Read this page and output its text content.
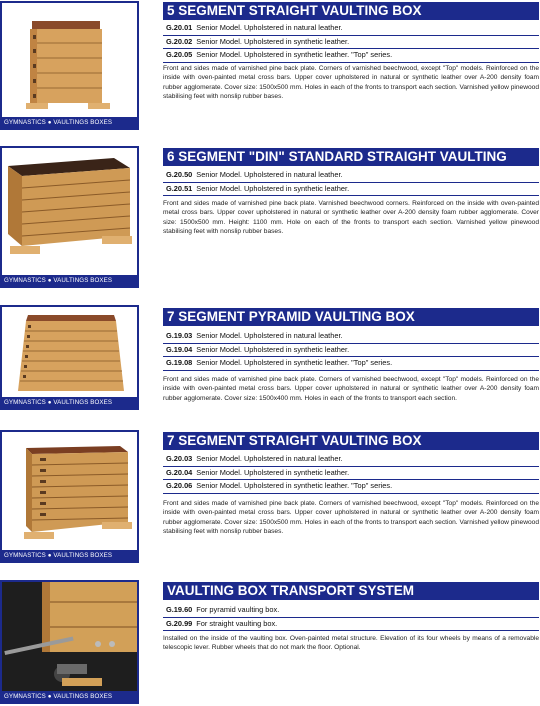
GYMNASTICS ● VAULTINGS BOXES
5 SEGMENT STRAIGHT VAULTING BOX
G.20.01 Senior Model. Upholstered in natural leather.
G.20.02 Senior Model. Upholstered in synthetic leather.
G.20.05 Senior Model. Upholstered in synthetic leather. "Top" series.
Front and sides made of varnished pine back plate. Corners of varnished beechwood, except "Top" models. Reinforced on the inside with oven-painted metal cross bars. Upper cover upholstered in natural or synthetic leather over A-200 density foam rubber agglomerate. Cover size: 1500x500 mm. Holes in each of the fronts to transport each section. Varnished yellow pinewood stabilising feet with nonslip rubber bases.
GYMNASTICS ● VAULTINGS BOXES
6 SEGMENT "DIN" STANDARD STRAIGHT VAULTING
G.20.50 Senior Model. Upholstered in natural leather.
G.20.51 Senior Model. Upholstered in synthetic leather.
Front and sides made of varnished pine back plate. Varnished beechwood corners. Reinforced on the inside with oven-painted metal cross bars. Upper cover upholstered in natural or synthetic leather over A-200 density foam rubber agglomerate. Cover size: 1500x500 mm. Height: 1100 mm. Hole on each of the fronts to transport each section. Varnished yellow pinewood stabilising feet with nonslip rubber bases.
GYMNASTICS ● VAULTINGS BOXES
7 SEGMENT PYRAMID VAULTING BOX
G.19.03 Senior Model. Upholstered in natural leather.
G.19.04 Senior Model. Upholstered in synthetic leather.
G.19.08 Senior Model. Upholstered in synthetic leather. "Top" series.
Front and sides made of varnished pine back plate. Corners of varnished beechwood, except "Top" models. Reinforced on the inside with oven-painted metal cross bars. Upper cover upholstered in natural or synthetic leather over A-200 density foam rubber agglomerate. Cover size: 1500x400 mm. Holes in each of the fronts to transport each section.
GYMNASTICS ● VAULTINGS BOXES
7 SEGMENT STRAIGHT VAULTING BOX
G.20.03 Senior Model. Upholstered in natural leather.
G.20.04 Senior Model. Upholstered in synthetic leather.
G.20.06 Senior Model. Upholstered in synthetic leather. "Top" series.
Front and sides made of varnished pine back plate. Corners of varnished beechwood, except "Top" models. Reinforced on the inside with oven-painted metal cross bars. Upper cover upholstered in natural or synthetic leather over A-200 density foam rubber agglomerate. Cover size: 1500x500 mm. Holes in each of the fronts to transport each section. Varnished yellow pinewood stabilising feet with nonslip rubber bases.
GYMNASTICS ● VAULTINGS BOXES
VAULTING BOX TRANSPORT SYSTEM
G.19.60 For pyramid vaulting box.
G.20.99 For straight vaulting box.
Installed on the inside of the vaulting box. Oven-painted metal structure. Elevation of its four wheels by means of a removable telescopic lever. Rubber wheels that do not mark the floor. Optional.
